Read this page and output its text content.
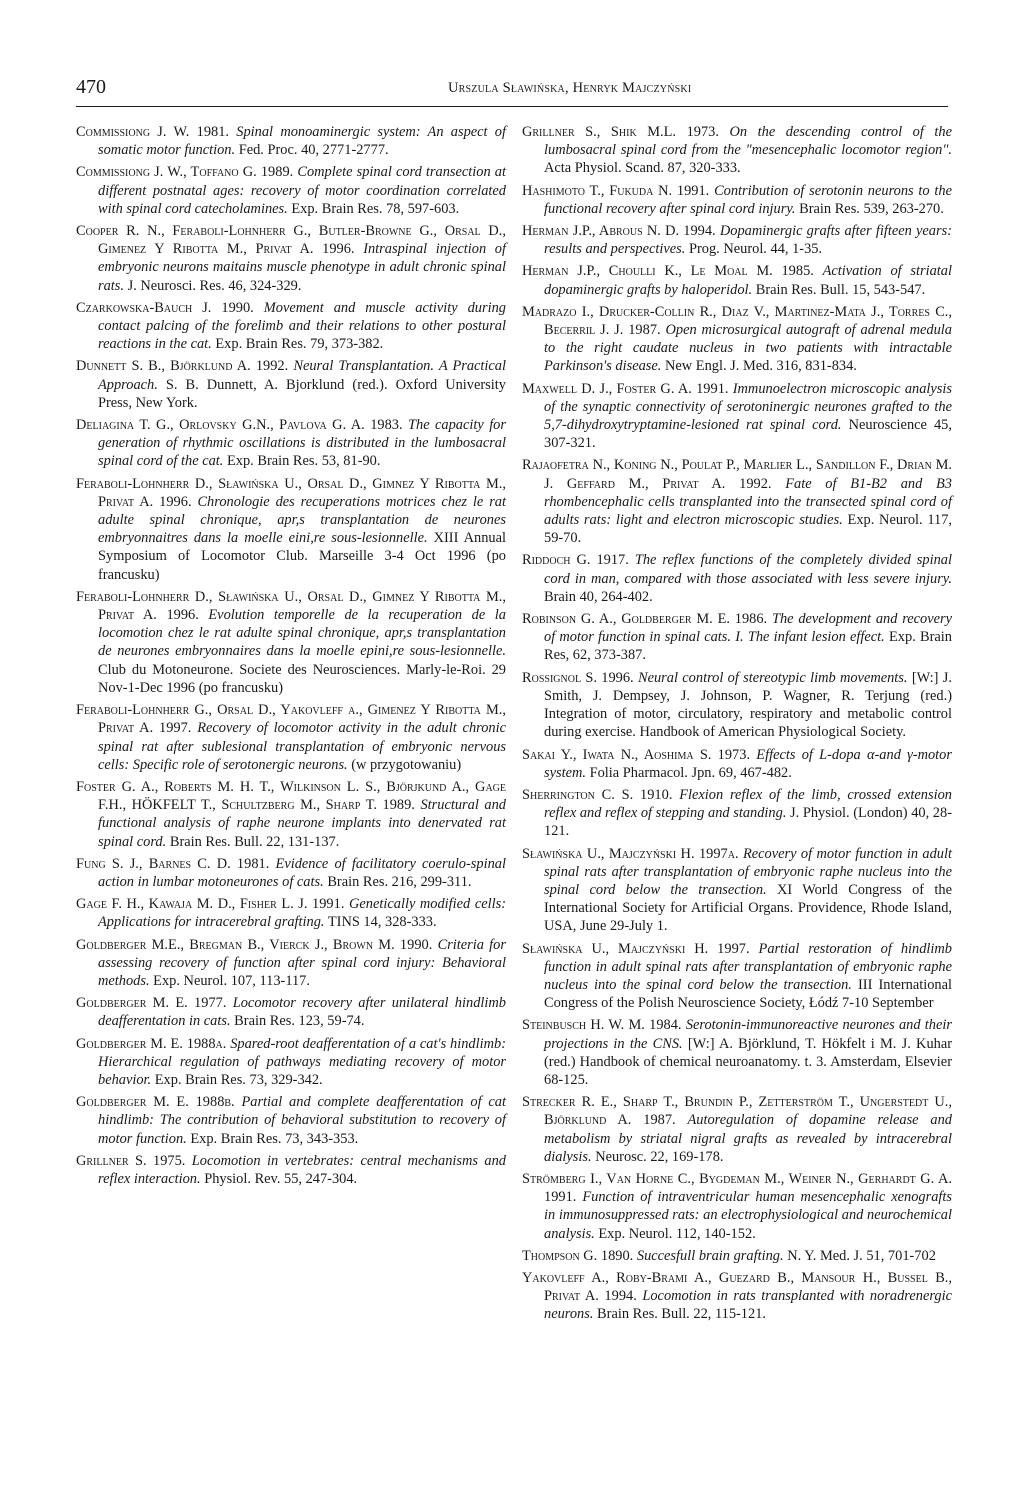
470	Urszula Sławińska, Henryk Majczyński

Commissiong J. W. 1981. Spinal monoaminergic system: An aspect of somatic motor function. Fed. Proc. 40, 2771-2777.

Commissiong J. W., Toffano G. 1989. Complete spinal cord transection at different postnatal ages: recovery of motor coordination correlated with spinal cord catecholamines. Exp. Brain Res. 78, 597-603.

Cooper R. N., Feraboli-Lohnherr G., Butler-Browne G., Orsal D., Gimenez Y Ribotta M., Privat A. 1996. Intraspinal injection of embryonic neurons maitains muscle phenotype in adult chronic spinal rats. J. Neurosci. Res. 46, 324-329.

Czarkowska-Bauch J. 1990. Movement and muscle activity during contact palcing of the forelimb and their relations to other postural reactions in the cat. Exp. Brain Res. 79, 373-382.

Dunnett S. B., Björklund A. 1992. Neural Transplantation. A Practical Approach. S. B. Dunnett, A. Bjorklund (red.). Oxford University Press, New York.

Deliagina T. G., Orlovsky G.N., Pavlova G. A. 1983. The capacity for generation of rhythmic oscillations is distributed in the lumbosacral spinal cord of the cat. Exp. Brain Res. 53, 81-90.

Feraboli-Lohnherr D., Sławińska U., Orsal D., Gimnez Y Ribotta M., Privat A. 1996. Chronologie des recuperations motrices chez le rat adulte spinal chronique, apr,s transplantation de neurones embryonnaitres dans la moelle eini,re sous-lesionnelle. XIII Annual Symposium of Locomotor Club. Marseille 3-4 Oct 1996 (po francusku)

Feraboli-Lohnherr D., Sławińska U., Orsal D., Gimnez Y Ribotta M., Privat A. 1996. Evolution temporelle de la recuperation de la locomotion chez le rat adulte spinal chronique, apr,s transplantation de neurones embryonnaires dans la moelle epini,re sous-lesionnelle. Club du Motoneurone. Societe des Neurosciences. Marly-le-Roi. 29 Nov-1-Dec 1996 (po francusku)

Feraboli-Lohnherr G., Orsal D., Yakovleff a., Gimenez Y Ribotta M., Privat A. 1997. Recovery of locomotor activity in the adult chronic spinal rat after sublesional transplantation of embryonic nervous cells: Specific role of serotonergic neurons. (w przygotowaniu)

Foster G. A., Roberts M. H. T., Wilkinson L. S., Björjkund A., Gage F.H., HÖKFELT T., Schultzberg M., Sharp T. 1989. Structural and functional analysis of raphe neurone implants into denervated rat spinal cord. Brain Res. Bull. 22, 131-137.

Fung S. J., Barnes C. D. 1981. Evidence of facilitatory coerulo-spinal action in lumbar motoneurones of cats. Brain Res. 216, 299-311.

Gage F. H., Kawaja M. D., Fisher L. J. 1991. Genetically modified cells: Applications for intracerebral grafting. TINS 14, 328-333.

Goldberger M.E., Bregman B., Vierck J., Brown M. 1990. Criteria for assessing recovery of function after spinal cord injury: Behavioral methods. Exp. Neurol. 107, 113-117.

Goldberger M. E. 1977. Locomotor recovery after unilateral hindlimb deafferentation in cats. Brain Res. 123, 59-74.

Goldberger M. E. 1988a. Spared-root deafferentation of a cat's hindlimb: Hierarchical regulation of pathways mediating recovery of motor behavior. Exp. Brain Res. 73, 329-342.

Goldberger M. E. 1988b. Partial and complete deafferentation of cat hindlimb: The contribution of behavioral substitution to recovery of motor function. Exp. Brain Res. 73, 343-353.

Grillner S. 1975. Locomotion in vertebrates: central mechanisms and reflex interaction. Physiol. Rev. 55, 247-304.

Grillner S., Shik M.L. 1973. On the descending control of the lumbosacral spinal cord from the "mesencephalic locomotor region". Acta Physiol. Scand. 87, 320-333.

Hashimoto T., Fukuda N. 1991. Contribution of serotonin neurons to the functional recovery after spinal cord injury. Brain Res. 539, 263-270.

Herman J.P., Abrous N. D. 1994. Dopaminergic grafts after fifteen years: results and perspectives. Prog. Neurol. 44, 1-35.

Herman J.P., Choulli K., Le Moal M. 1985. Activation of striatal dopaminergic grafts by haloperidol. Brain Res. Bull. 15, 543-547.

Madrazo I., Drucker-Collin R., Diaz V., Martinez-Mata J., Torres C., Becerril J. J. 1987. Open microsurgical autograft of adrenal medula to the right caudate nucleus in two patients with intractable Parkinson's disease. New Engl. J. Med. 316, 831-834.

Maxwell D. J., Foster G. A. 1991. Immunoelectron microscopic analysis of the synaptic connectivity of serotoninergic neurones grafted to the 5,7-dihydroxytryptamine-lesioned rat spinal cord. Neuroscience 45, 307-321.

Rajaofetra N., Koning N., Poulat P., Marlier L., Sandillon F., Drian M. J. Geffard M., Privat A. 1992. Fate of B1-B2 and B3 rhombencephalic cells transplanted into the transected spinal cord of adults rats: light and electron microscopic studies. Exp. Neurol. 117, 59-70.

Riddoch G. 1917. The reflex functions of the completely divided spinal cord in man, compared with those associated with less severe injury. Brain 40, 264-402.

Robinson G. A., Goldberger M. E. 1986. The development and recovery of motor function in spinal cats. I. The infant lesion effect. Exp. Brain Res, 62, 373-387.

Rossignol S. 1996. Neural control of stereotypic limb movements. [W:] J. Smith, J. Dempsey, J. Johnson, P. Wagner, R. Terjung (red.) Integration of motor, circulatory, respiratory and metabolic control during exercise. Handbook of American Physiological Society.

Sakai Y., Iwata N., Aoshima S. 1973. Effects of L-dopa α-and γ-motor system. Folia Pharmacol. Jpn. 69, 467-482.

Sherrington C. S. 1910. Flexion reflex of the limb, crossed extension reflex and reflex of stepping and standing. J. Physiol. (London) 40, 28-121.

Sławińska U., Majczyński H. 1997a. Recovery of motor function in adult spinal rats after transplantation of embryonic raphe nucleus into the spinal cord below the transection. XI World Congress of the International Society for Artificial Organs. Providence, Rhode Island, USA, June 29-July 1.

Sławińska U., Majczyński H. 1997. Partial restoration of hindlimb function in adult spinal rats after transplantation of embryonic raphe nucleus into the spinal cord below the transection. III International Congress of the Polish Neuroscience Society, Łódź 7-10 September

Steinbusch H. W. M. 1984. Serotonin-immunoreactive neurones and their projections in the CNS. [W:] A. Björklund, T. Hökfelt i M. J. Kuhar (red.) Handbook of chemical neuroanatomy. t. 3. Amsterdam, Elsevier 68-125.

Strecker R. E., Sharp T., Brundin P., Zetterström T., Ungerstedt U., Björklund A. 1987. Autoregulation of dopamine release and metabolism by striatal nigral grafts as revealed by intracerebral dialysis. Neurosc. 22, 169-178.

Strömberg I., Van Horne C., Bygdeman M., Weiner N., Gerhardt G. A. 1991. Function of intraventricular human mesencephalic xenografts in immunosuppressed rats: an electrophysiological and neurochemical analysis. Exp. Neurol. 112, 140-152.

Thompson G. 1890. Succesfull brain grafting. N. Y. Med. J. 51, 701-702

Yakovleff A., Roby-Brami A., Guezard B., Mansour H., Bussel B., Privat A. 1994. Locomotion in rats transplanted with noradrenergic neurons. Brain Res. Bull. 22, 115-121.
